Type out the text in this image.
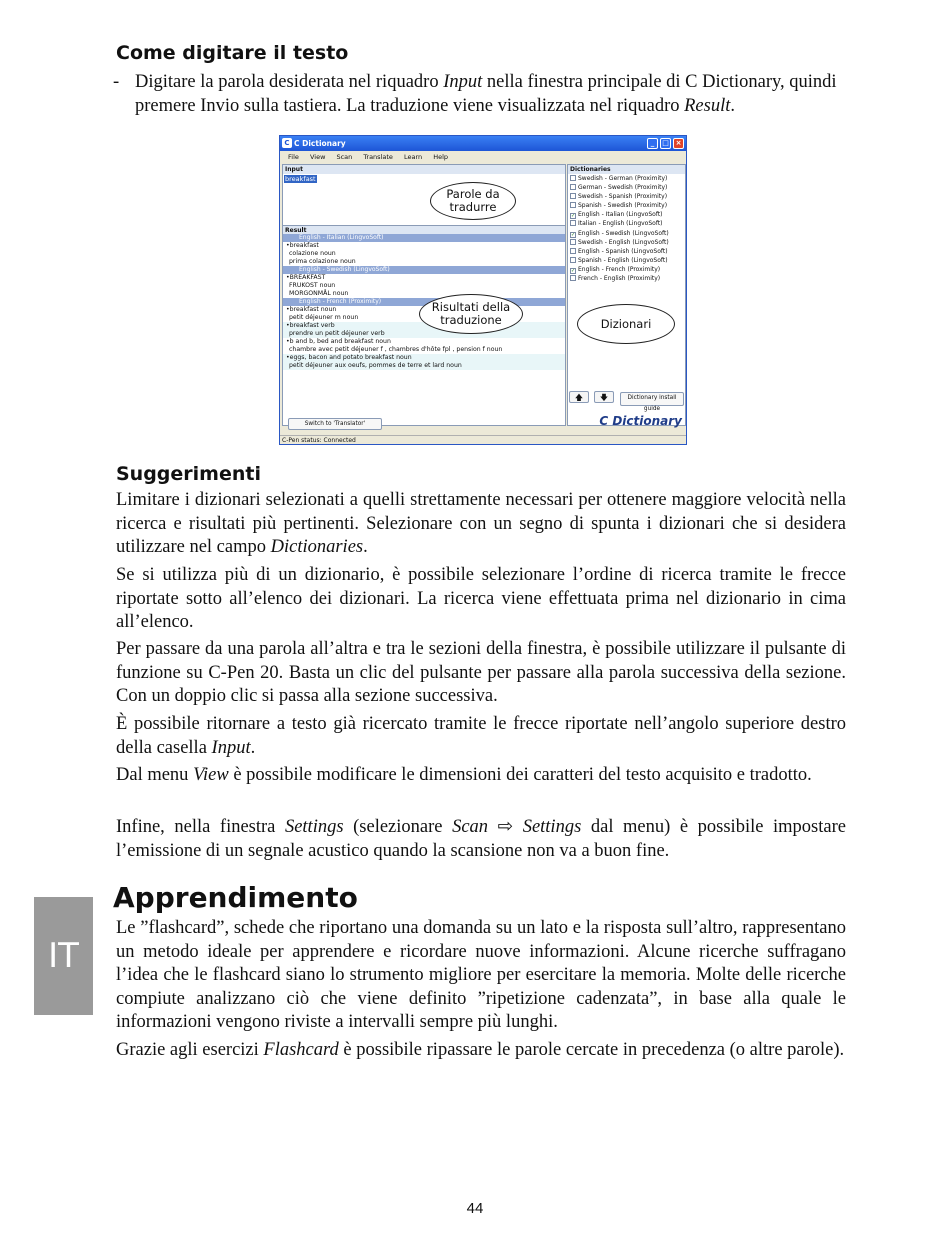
Come digitare il testo
- Digitare la parola desiderata nel riquadro Input nella finestra principale di C Dictionary, quindi premere Invio sulla tastiera. La traduzione viene visualizzata nel riquadro Result.
C C Dictionary	_	□ ×
File View Scan Translate Learn Help
Input
breakfast
Result
English - Italian (LingvoSoft)
•breakfast
colazione noun
prima colazione noun
English - Swedish (LingvoSoft)
•BREAKFAST
FRUKOST noun
MORGONMÅL noun
English - French (Proximity)
•breakfast noun
petit déjeuner m noun
•breakfast verb
prendre un petit déjeuner verb
•b and b, bed and breakfast noun
chambre avec petit déjeuner f , chambres d'hôte fpl , pension f noun
•eggs, bacon and potato breakfast noun
petit déjeuner aux oeufs, pommes de terre et lard noun
Dictionaries
Swedish - German (Proximity)
German - Swedish (Proximity)
Swedish - Spanish (Proximity)
Spanish - Swedish (Proximity)
✓ English - Italian (LingvoSoft)
Italian - English (LingvoSoft)
✓ English - Swedish (LingvoSoft)
Swedish - English (LingvoSoft)
English - Spanish (LingvoSoft)
Spanish - English (LingvoSoft)
✓ English - French (Proximity)
French - English (Proximity)
Parole da tradurre
Risultati della traduzione	Dizionari
🡅	🡇	Dictionary install guide
Switch to 'Translator'	C Dictionary
C-Pen status: Connected
Suggerimenti

Limitare i dizionari selezionati a quelli strettamente necessari per ottenere maggiore velocità nella ricerca e risultati più pertinenti. Selezionare con un segno di spunta i dizionari che si desidera utilizzare nel campo Dictionaries.

Se si utilizza più di un dizionario, è possibile selezionare l’ordine di ricerca tramite le frecce riportate sotto all’elenco dei dizionari. La ricerca viene effettuata prima nel dizionario in cima all’elenco.

Per passare da una parola all’altra e tra le sezioni della finestra, è possibile utilizzare il pulsante di funzione su C-Pen 20. Basta un clic del pulsante per passare alla parola successiva della sezione. Con un doppio clic si passa alla sezione successiva.

È possibile ritornare a testo già ricercato tramite le frecce riportate nell’angolo superiore destro della casella Input.

Dal menu View è possibile modificare le dimensioni dei caratteri del testo acquisito e tradotto.

Infine, nella finestra Settings (selezionare Scan ⇨ Settings dal menu) è possibile impostare l’emissione di un segnale acustico quando la scansione non va a buon fine.

IT
Apprendimento

Le ”flashcard”, schede che riportano una domanda su un lato e la risposta sull’altro, rappresentano un metodo ideale per apprendere e ricordare nuove informazioni. Alcune ricerche suffragano l’idea che le flashcard siano lo strumento migliore per esercitare la memoria. Molte delle ricerche compiute analizzano ciò che viene definito ”ripetizione cadenzata”, in base alla quale le informazioni vengono riviste a intervalli sempre più lunghi.

Grazie agli esercizi Flashcard è possibile ripassare le parole cercate in precedenza (o altre parole).

44
